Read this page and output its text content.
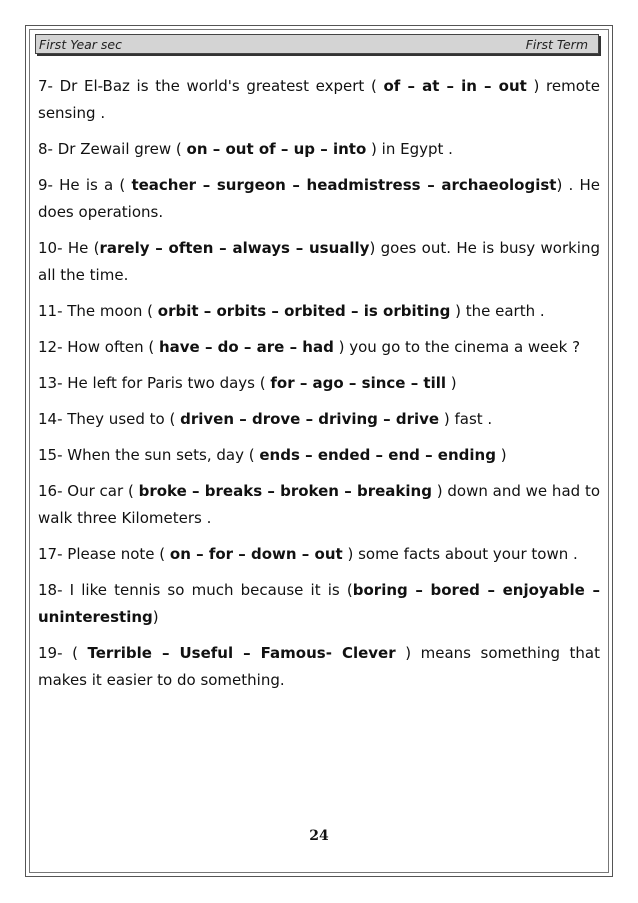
First Year sec	First Term

7- Dr El-Baz is the world's greatest expert ( of – at – in – out ) remote sensing .

8- Dr Zewail grew ( on – out of – up – into ) in Egypt .

9- He is a ( teacher – surgeon – headmistress – archaeologist) . He does operations.

10- He (rarely – often – always – usually) goes out. He is busy working all the time.

11- The moon ( orbit – orbits – orbited – is orbiting ) the earth .

12- How often ( have – do – are – had ) you go to the cinema a week ?

13- He left for Paris two days ( for – ago – since – till )

14- They used to ( driven – drove – driving – drive ) fast .

15- When the sun sets, day ( ends – ended – end – ending )

16- Our car ( broke – breaks – broken – breaking ) down and we had to walk three Kilometers .

17- Please note ( on – for – down – out ) some facts about your town .

18- I like tennis so much because it is (boring – bored – enjoyable – uninteresting)

19- ( Terrible – Useful – Famous- Clever ) means something that makes it easier to do something.

24
